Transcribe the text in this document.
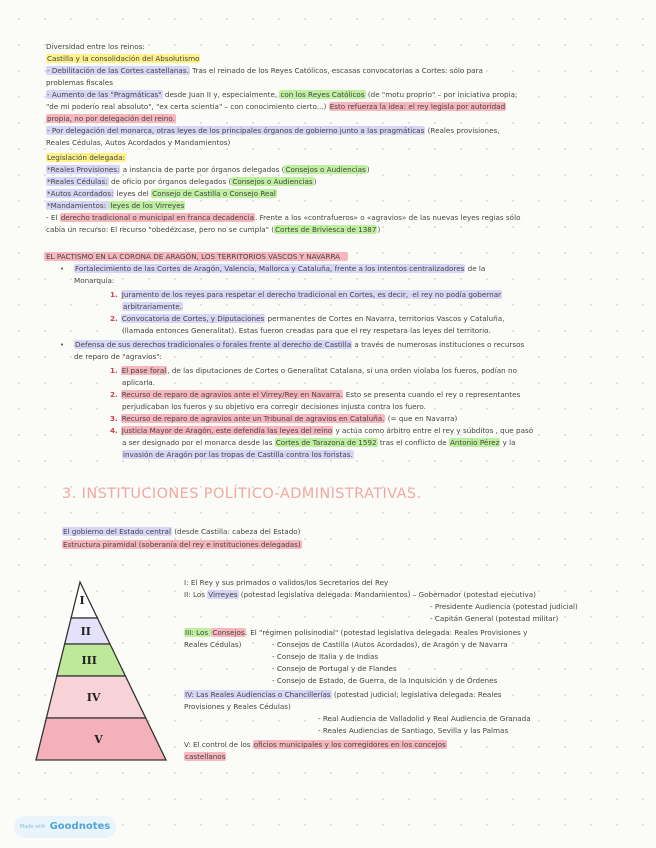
Diversidad entre los reinos:
Castilla y la consolidación del Absolutismo
- Debilitación de las Cortes castellanas. Tras el reinado de los Reyes Católicos, escasas convocatorias a Cortes: sólo para
problemas fiscales
- Aumento de las "Pragmáticas" desde Juan II y, especialmente, con los Reyes Católicos (de "motu proprio" – por iniciativa propia;
"de mi poderío real absoluto", "ex certa scientia" – con conocimiento cierto...) Esto refuerza la idea: el rey legisla por autoridad
propia, no por delegación del reino.
- Por delegación del monarca, otras leyes de los principales órganos de gobierno junto a las pragmáticas (Reales provisiones,
Reales Cédulas, Autos Acordados y Mandamientos)
Legislación delegada:
*Reales Provisiones: a instancia de parte por órganos delegados (Consejos o Audiencias)
*Reales Cédulas: de oficio por órganos delegados (Consejos o Audiencias)
*Autos Acordados: leyes del Consejo de Castilla o Consejo Real
*Mandamientos: leyes de los Virreyes
- El derecho tradicional o municipal en franca decadencia. Frente a los «contrafueros» o «agravios» de las nuevas leyes regias sólo
cabía un recurso: El recurso "obedézcase, pero no se cumpla" (Cortes de Briviesca de 1387)
EL PACTISMO EN LA CORONA DE ARAGÓN, LOS TERRITORIOS VASCOS Y NAVARRA
• Fortalecimiento de las Cortes de Aragón, Valencia, Mallorca y Cataluña, frente a los intentos centralizadores de la
Monarquía:
1. Juramento de los reyes para respetar el derecho tradicional en Cortes, es decir, el rey no podía gobernar
arbitrariamente.
2. Convocatoria de Cortes, y Diputaciones permanentes de Cortes en Navarra, territorios Vascos y Cataluña,
(llamada entonces Generalitat). Estas fueron creadas para que el rey respetara las leyes del territorio.
• Defensa de sus derechos tradicionales o forales frente al derecho de Castilla a través de numerosas instituciones o recursos
de reparo de "agravios":
1. El pase foral, de las diputaciones de Cortes o Generalitat Catalana, si una orden violaba los fueros, podían no
aplicarla.
2. Recurso de reparo de agravios ante el Virrey/Rey en Navarra. Esto se presenta cuando el rey o representantes
perjudicaban los fueros y su objetivo era corregir decisiones injusta contra los fuero.
3. Recurso de reparo de agravios ante un Tribunal de agravios en Cataluña. (= que en Navarra)
4. Justicia Mayor de Aragón, este defendía las leyes del reino y actúa como árbitro entre el rey y súbditos , que pasó
a ser designado por el monarca desde las Cortes de Tarazona de 1592 tras el conflicto de Antonio Pérez y la
invasión de Aragón por las tropas de Castilla contra los foristas.
3. INSTITUCIONES POLÍTICO-ADMINISTRATIVAS.
El gobierno del Estado central (desde Castilla: cabeza del Estado)
Estructura piramidal (soberanía del rey e instituciones delegadas)
I
II
III
IV
V
I: El Rey y sus primados o validos/los Secretarios del Rey
II: Los Virreyes (potestad legislativa delegada: Mandamientos) – Gobernador (potestad ejecutiva)
- Presidente Audiencia (potestad judicial)
- Capitán General (potestad militar)
III: Los Consejos. El "régimen polisinodial" (potestad legislativa delegada: Reales Provisiones y
Reales Cédulas)	- Consejos de Castilla (Autos Acordados), de Aragón y de Navarra
- Consejo de Italia y de Indias
- Consejo de Portugal y de Flandes
- Consejo de Estado, de Guerra, de la Inquisición y de Órdenes
IV: Las Reales Audiencias o Chancillerías (potestad judicial; legislativa delegada: Reales
Provisiones y Reales Cédulas)
- Real Audiencia de Valladolid y Real Audiencia de Granada
- Reales Audiencias de Santiago, Sevilla y las Palmas
V: El control de los oficios municipales y los corregidores en los concejos
castellanos
Made with Goodnotes
